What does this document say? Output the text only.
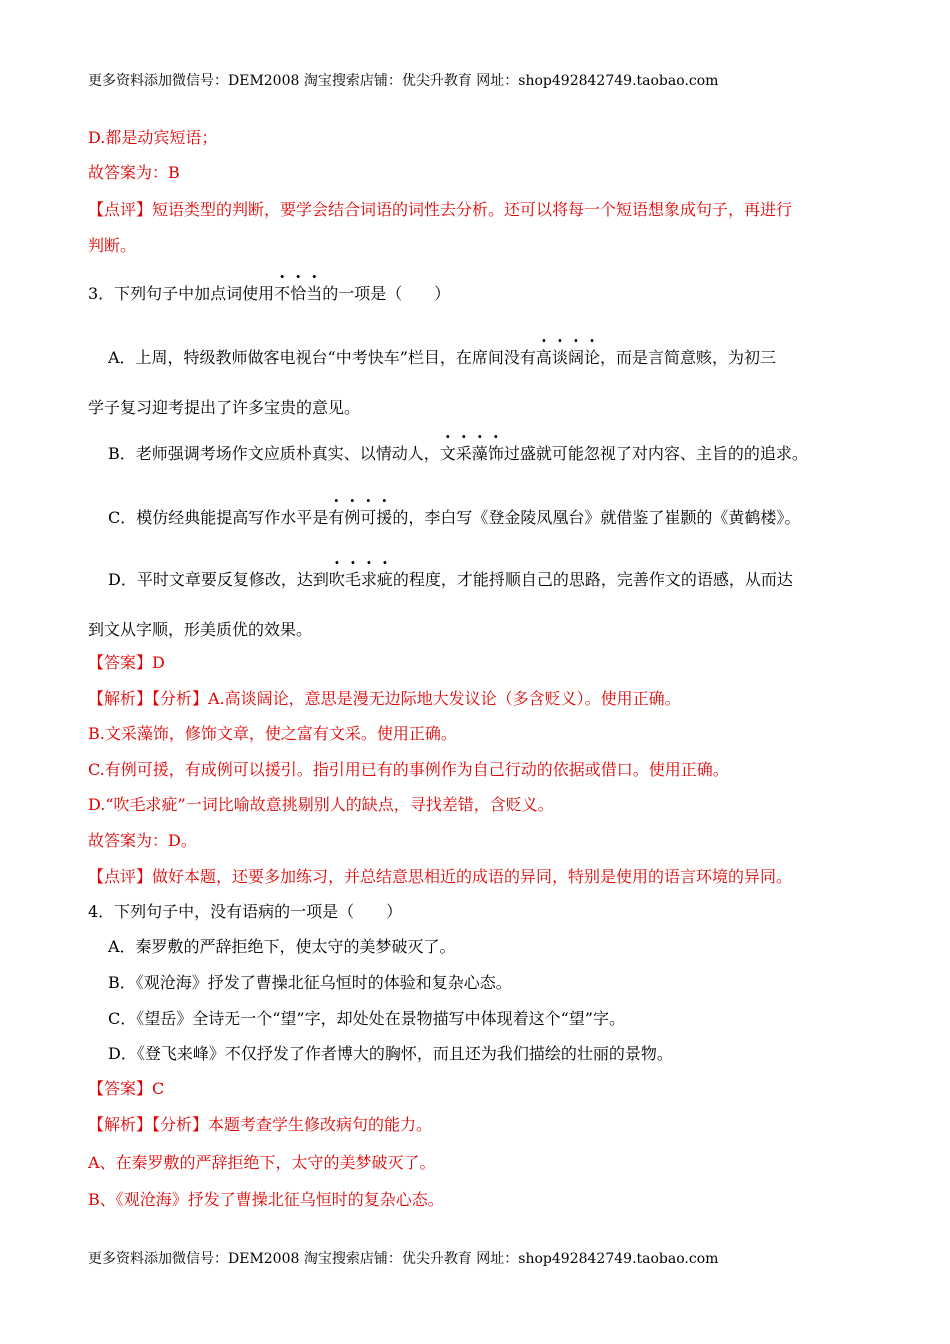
更多资料添加微信号：DEM2008 淘宝搜索店铺：优尖升教育 网址：shop492842749.taobao.com
D.都是动宾短语；
故答案为：B
【点评】短语类型的判断，要学会结合词语的词性去分析。还可以将每一个短语想象成句子，再进行
判断。
3．下列句子中加点词使用不恰当的一项是（　　）
A．上周，特级教师做客电视台“中考快车”栏目，在席间没有高谈阔论，而是言简意赅，为初三
学子复习迎考提出了许多宝贵的意见。
B．老师强调考场作文应质朴真实、以情动人，文采藻饰过盛就可能忽视了对内容、主旨的的追求。
C．模仿经典能提高写作水平是有例可援的，李白写《登金陵凤凰台》就借鉴了崔颢的《黄鹤楼》。
D．平时文章要反复修改，达到吹毛求疵的程度，才能捋顺自己的思路，完善作文的语感，从而达
到文从字顺，形美质优的效果。
【答案】D
【解析】【分析】A.高谈阔论，意思是漫无边际地大发议论（多含贬义）。使用正确。
B.文采藻饰，修饰文章，使之富有文采。使用正确。
C.有例可援，有成例可以援引。指引用已有的事例作为自己行动的依据或借口。使用正确。
D.“吹毛求疵”一词比喻故意挑剔别人的缺点，寻找差错，含贬义。
故答案为：D。
【点评】做好本题，还要多加练习，并总结意思相近的成语的异同，特别是使用的语言环境的异同。
4．下列句子中，没有语病的一项是（　　）
A．秦罗敷的严辞拒绝下，使太守的美梦破灭了。
B．《观沧海》抒发了曹操北征乌恒时的体验和复杂心态。
C．《望岳》全诗无一个“望”字，却处处在景物描写中体现着这个“望”字。
D．《登飞来峰》不仅抒发了作者博大的胸怀，而且还为我们描绘的壮丽的景物。
【答案】C
【解析】【分析】本题考查学生修改病句的能力。
A、在秦罗敷的严辞拒绝下，太守的美梦破灭了。
B、《观沧海》抒发了曹操北征乌恒时的复杂心态。
更多资料添加微信号：DEM2008 淘宝搜索店铺：优尖升教育 网址：shop492842749.taobao.com
